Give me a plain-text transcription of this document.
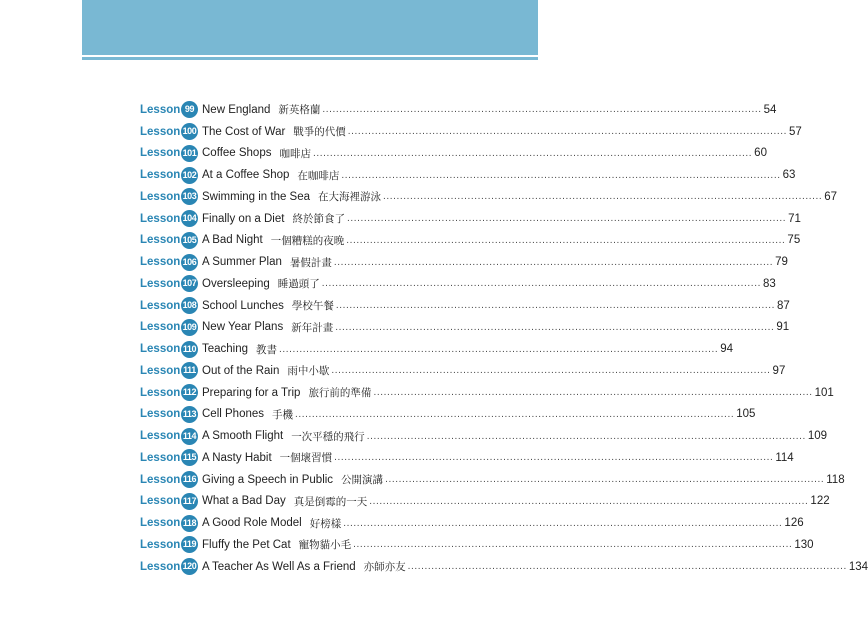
Lesson 99 New England 新英格蘭 .................................................................................................................................. 54
Lesson 100 The Cost of War 戰爭的代價 .................................................................................................................................. 57
Lesson 101 Coffee Shops 咖啡店 .................................................................................................................................. 60
Lesson 102 At a Coffee Shop 在咖啡店 .................................................................................................................................. 63
Lesson 103 Swimming in the Sea 在大海裡游泳 .................................................................................................................................. 67
Lesson 104 Finally on a Diet 終於節食了 .................................................................................................................................. 71
Lesson 105 A Bad Night 一個糟糕的夜晚 .................................................................................................................................. 75
Lesson 106 A Summer Plan 暑假計畫 .................................................................................................................................. 79
Lesson 107 Oversleeping 睡過頭了 .................................................................................................................................. 83
Lesson 108 School Lunches 學校午餐 .................................................................................................................................. 87
Lesson 109 New Year Plans 新年計畫 .................................................................................................................................. 91
Lesson 110 Teaching 教書 .................................................................................................................................. 94
Lesson 111 Out of the Rain 雨中小歇 .................................................................................................................................. 97
Lesson 112 Preparing for a Trip 旅行前的準備 .................................................................................................................................. 101
Lesson 113 Cell Phones 手機 .................................................................................................................................. 105
Lesson 114 A Smooth Flight 一次平穩的飛行 .................................................................................................................................. 109
Lesson 115 A Nasty Habit 一個壞習慣 .................................................................................................................................. 114
Lesson 116 Giving a Speech in Public 公開演講 .................................................................................................................................. 118
Lesson 117 What a Bad Day 真是倒霉的一天 .................................................................................................................................. 122
Lesson 118 A Good Role Model 好榜樣 .................................................................................................................................. 126
Lesson 119 Fluffy the Pet Cat 寵物貓小毛 .................................................................................................................................. 130
Lesson 120 A Teacher As Well As a Friend 亦師亦友 .................................................................................................................................. 134
